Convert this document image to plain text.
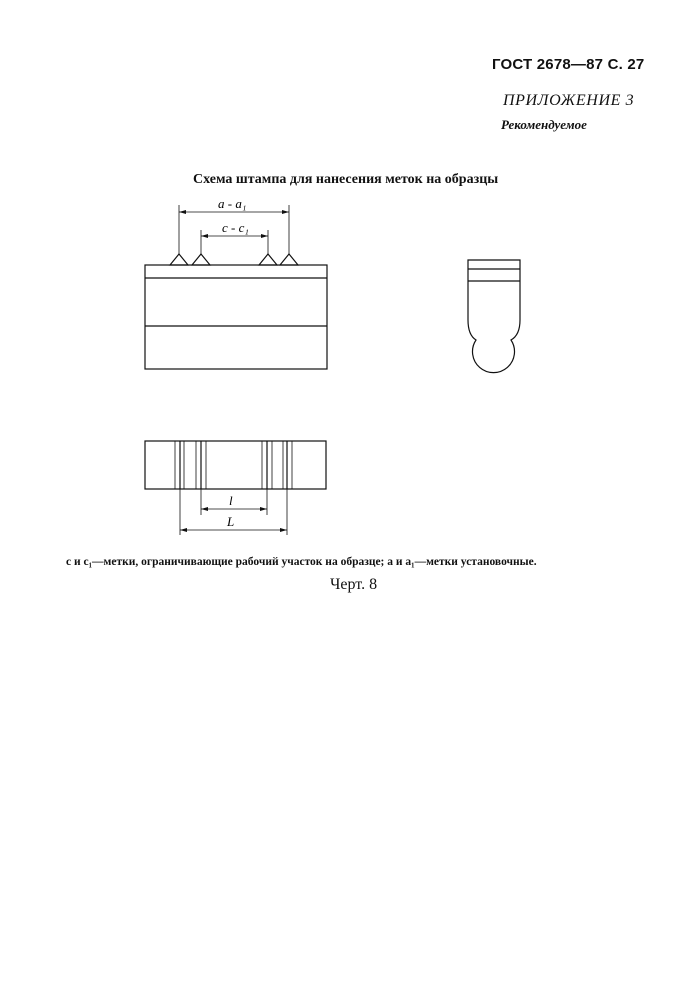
ГОСТ 2678—87 С. 27
ПРИЛОЖЕНИЕ 3
Рекомендуемое
Схема штампа для нанесения меток на образцы
a - a₁
c - c₁
l
L
c и c₁—метки, ограничивающие рабочий участок на образце; a и a₁—метки установочные.
Черт. 8
